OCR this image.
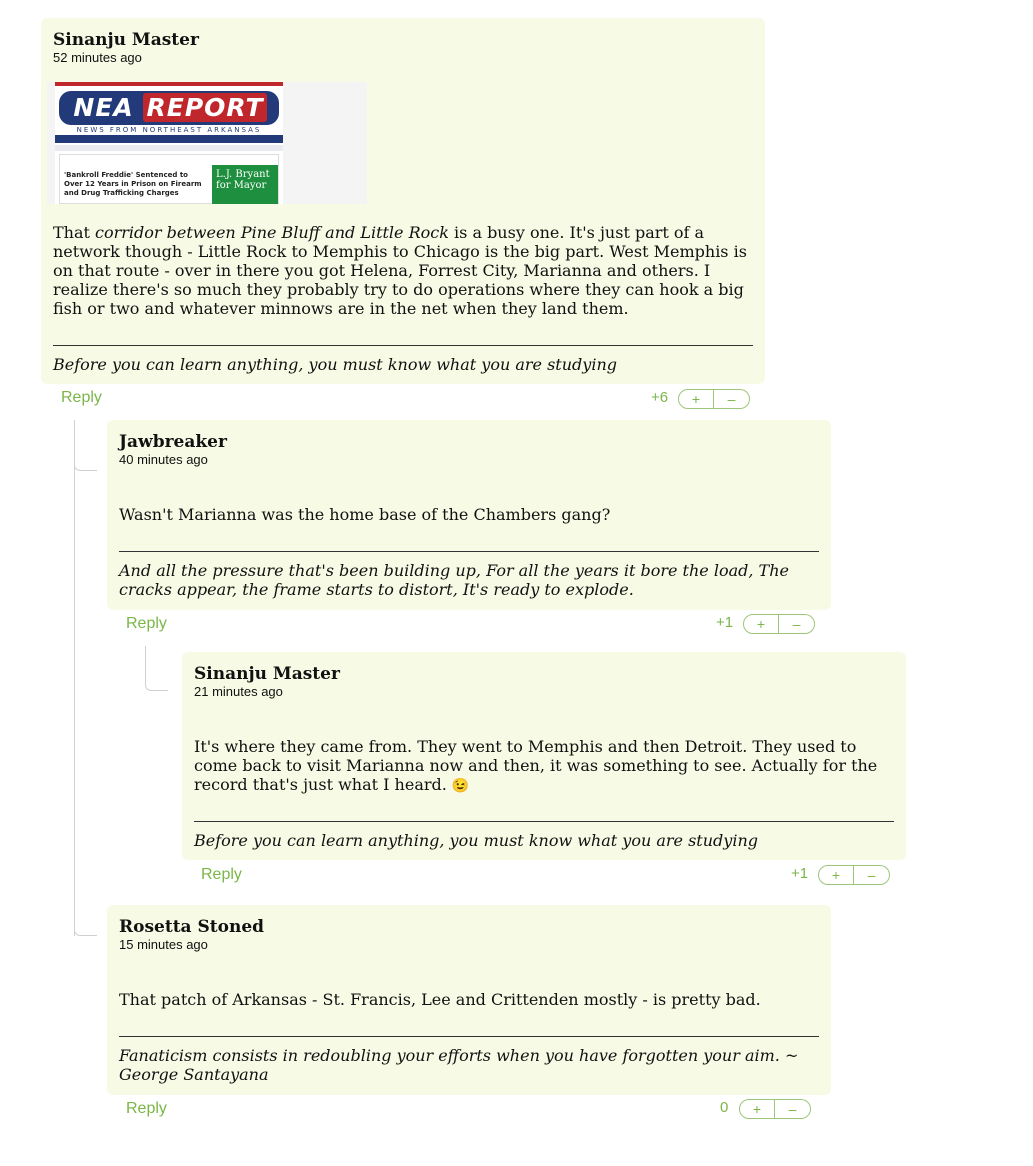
Sinanju Master
52 minutes ago
NEA REPORT
NEWS FROM NORTHEAST ARKANSAS
'Bankroll Freddie' Sentenced to Over 12 Years in Prison on Firearm and Drug Trafficking Charges
L.J. Bryant for Mayor
That corridor between Pine Bluff and Little Rock is a busy one. It's just part of a network though - Little Rock to Memphis to Chicago is the big part. West Memphis is on that route - over in there you got Helena, Forrest City, Marianna and others. I realize there's so much they probably try to do operations where they can hook a big fish or two and whatever minnows are in the net when they land them.
Before you can learn anything, you must know what you are studying
Reply	+6	+	–
Jawbreaker
40 minutes ago
Wasn't Marianna was the home base of the Chambers gang?
And all the pressure that's been building up, For all the years it bore the load, The cracks appear, the frame starts to distort, It's ready to explode.
Reply	+1	+	–
Sinanju Master
21 minutes ago
It's where they came from. They went to Memphis and then Detroit. They used to come back to visit Marianna now and then, it was something to see. Actually for the record that's just what I heard. 😉
Before you can learn anything, you must know what you are studying
Reply	+1	+	–
Rosetta Stoned
15 minutes ago
That patch of Arkansas - St. Francis, Lee and Crittenden mostly - is pretty bad.
Fanaticism consists in redoubling your efforts when you have forgotten your aim. ~ George Santayana
Reply	0	+	–
